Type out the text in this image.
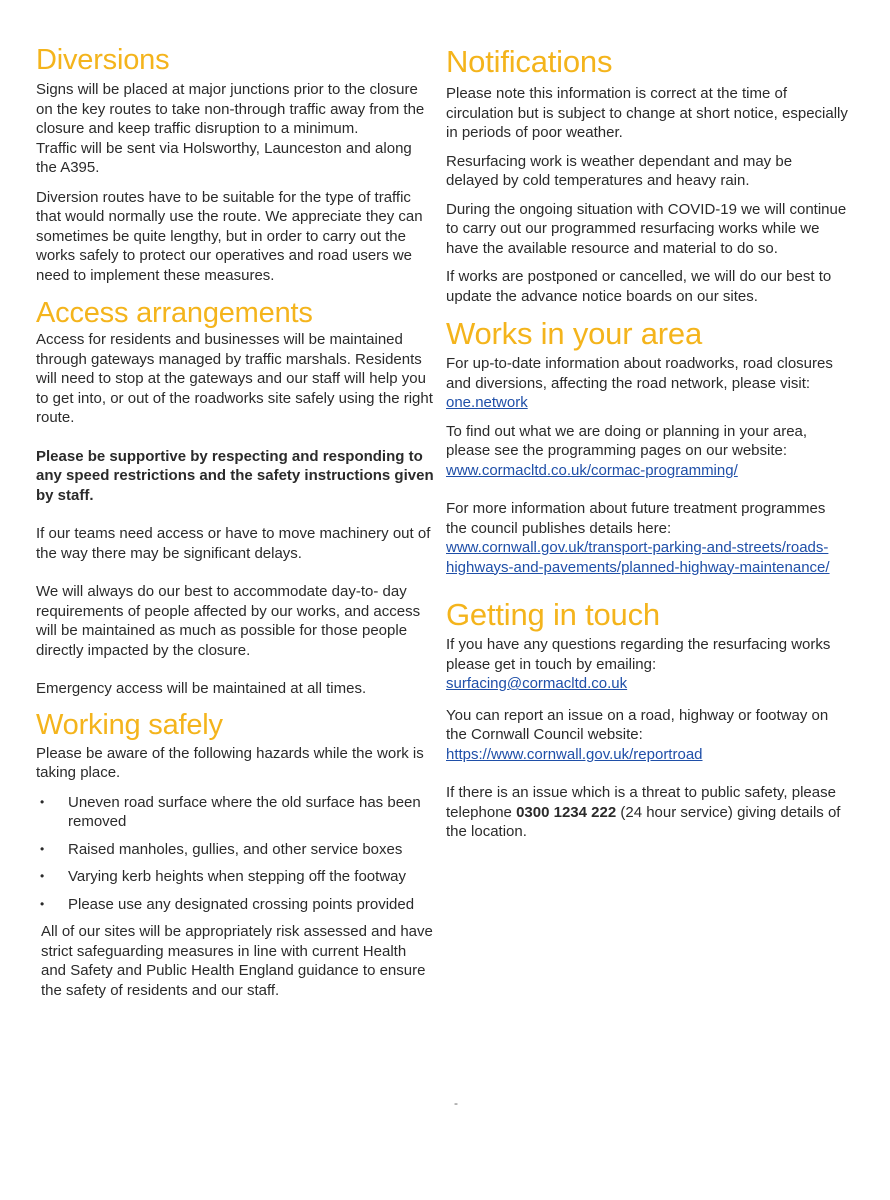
Diversions

Signs will be placed at major junctions prior to the closure on the key routes to take non-through traffic away from the closure and keep traffic disruption to a minimum.

Traffic will be sent via Holsworthy, Launceston and along the A395.

Diversion routes have to be suitable for the type of traffic that would normally use the route. We appreciate they can sometimes be quite lengthy, but in order to carry out the works safely to protect our operatives and road users we need to implement these measures.

Access arrangements

Access for residents and businesses will be maintained through gateways managed by traffic marshals. Residents will need to stop at the gateways and our staff will help you to get into, or out of the roadworks site safely using the right route.

Please be supportive by respecting and responding to any speed restrictions and the safety instructions given by staff.

If our teams need access or have to move machinery out of the way there may be significant delays.

We will always do our best to accommodate day-to- day requirements of people affected by our works, and access will be maintained as much as possible for those people directly impacted by the closure.

Emergency access will be maintained at all times.

Working safely

Please be aware of the following hazards while the work is taking place.

• Uneven road surface where the old surface has been removed
• Raised manholes, gullies, and other service boxes
• Varying kerb heights when stepping off the footway
• Please use any designated crossing points provided

All of our sites will be appropriately risk assessed and have strict safeguarding measures in line with current Health and Safety and Public Health England guidance to ensure the safety of residents and our staff.

Notifications

Please note this information is correct at the time of circulation but is subject to change at short notice, especially in periods of poor weather.

Resurfacing work is weather dependant and may be delayed by cold temperatures and heavy rain.

During the ongoing situation with COVID-19 we will continue to carry out our programmed resurfacing works while we have the available resource and material to do so.

If works are postponed or cancelled, we will do our best to update the advance notice boards on our sites.

Works in your area

For up-to-date information about roadworks, road closures and diversions, affecting the road network, please visit: one.network

To find out what we are doing or planning in your area, please see the programming pages on our website:
www.cormacltd.co.uk/cormac-programming/

For more information about future treatment programmes the council publishes details here: www.cornwall.gov.uk/transport-parking-and-streets/roads-highways-and-pavements/planned-highway-maintenance/

Getting in touch

If you have any questions regarding the resurfacing works please get in touch by emailing:
surfacing@cormacltd.co.uk

You can report an issue on a road, highway or footway on the Cornwall Council website:
https://www.cornwall.gov.uk/reportroad

If there is an issue which is a threat to public safety, please telephone 0300 1234 222 (24 hour service) giving details of the location.

-
